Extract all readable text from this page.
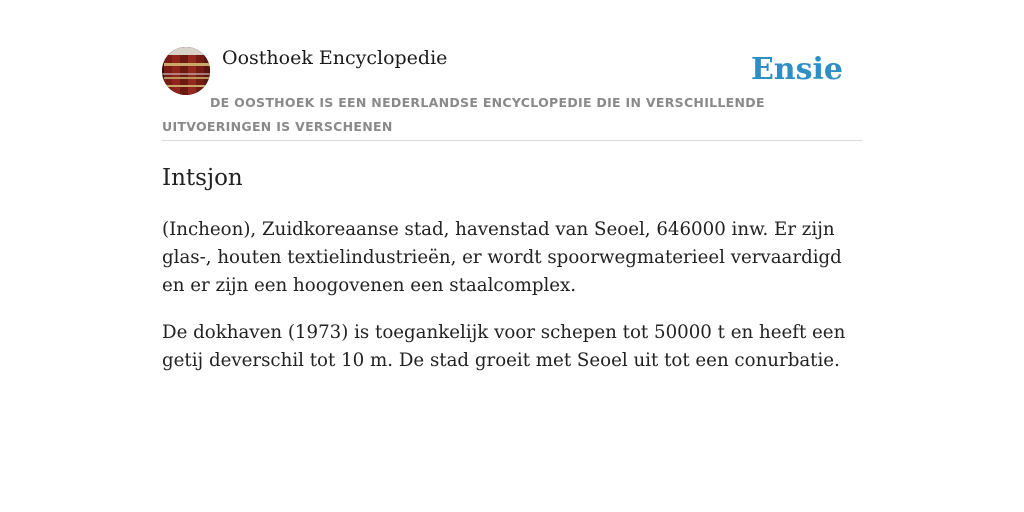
Oosthoek Encyclopedie	Ensie
DE OOSTHOEK IS EEN NEDERLANDSE ENCYCLOPEDIE DIE IN VERSCHILLENDE UITVOERINGEN IS VERSCHENEN
Intsjon

(Incheon), Zuidkoreaanse stad, havenstad van Seoel, 646000 inw. Er zijn glas-, houten textielindustrieën, er wordt spoorwegmaterieel vervaardigd en er zijn een hoogovenen een staalcomplex.

De dokhaven (1973) is toegankelijk voor schepen tot 50000 t en heeft een getij deverschil tot 10 m. De stad groeit met Seoel uit tot een conurbatie.
